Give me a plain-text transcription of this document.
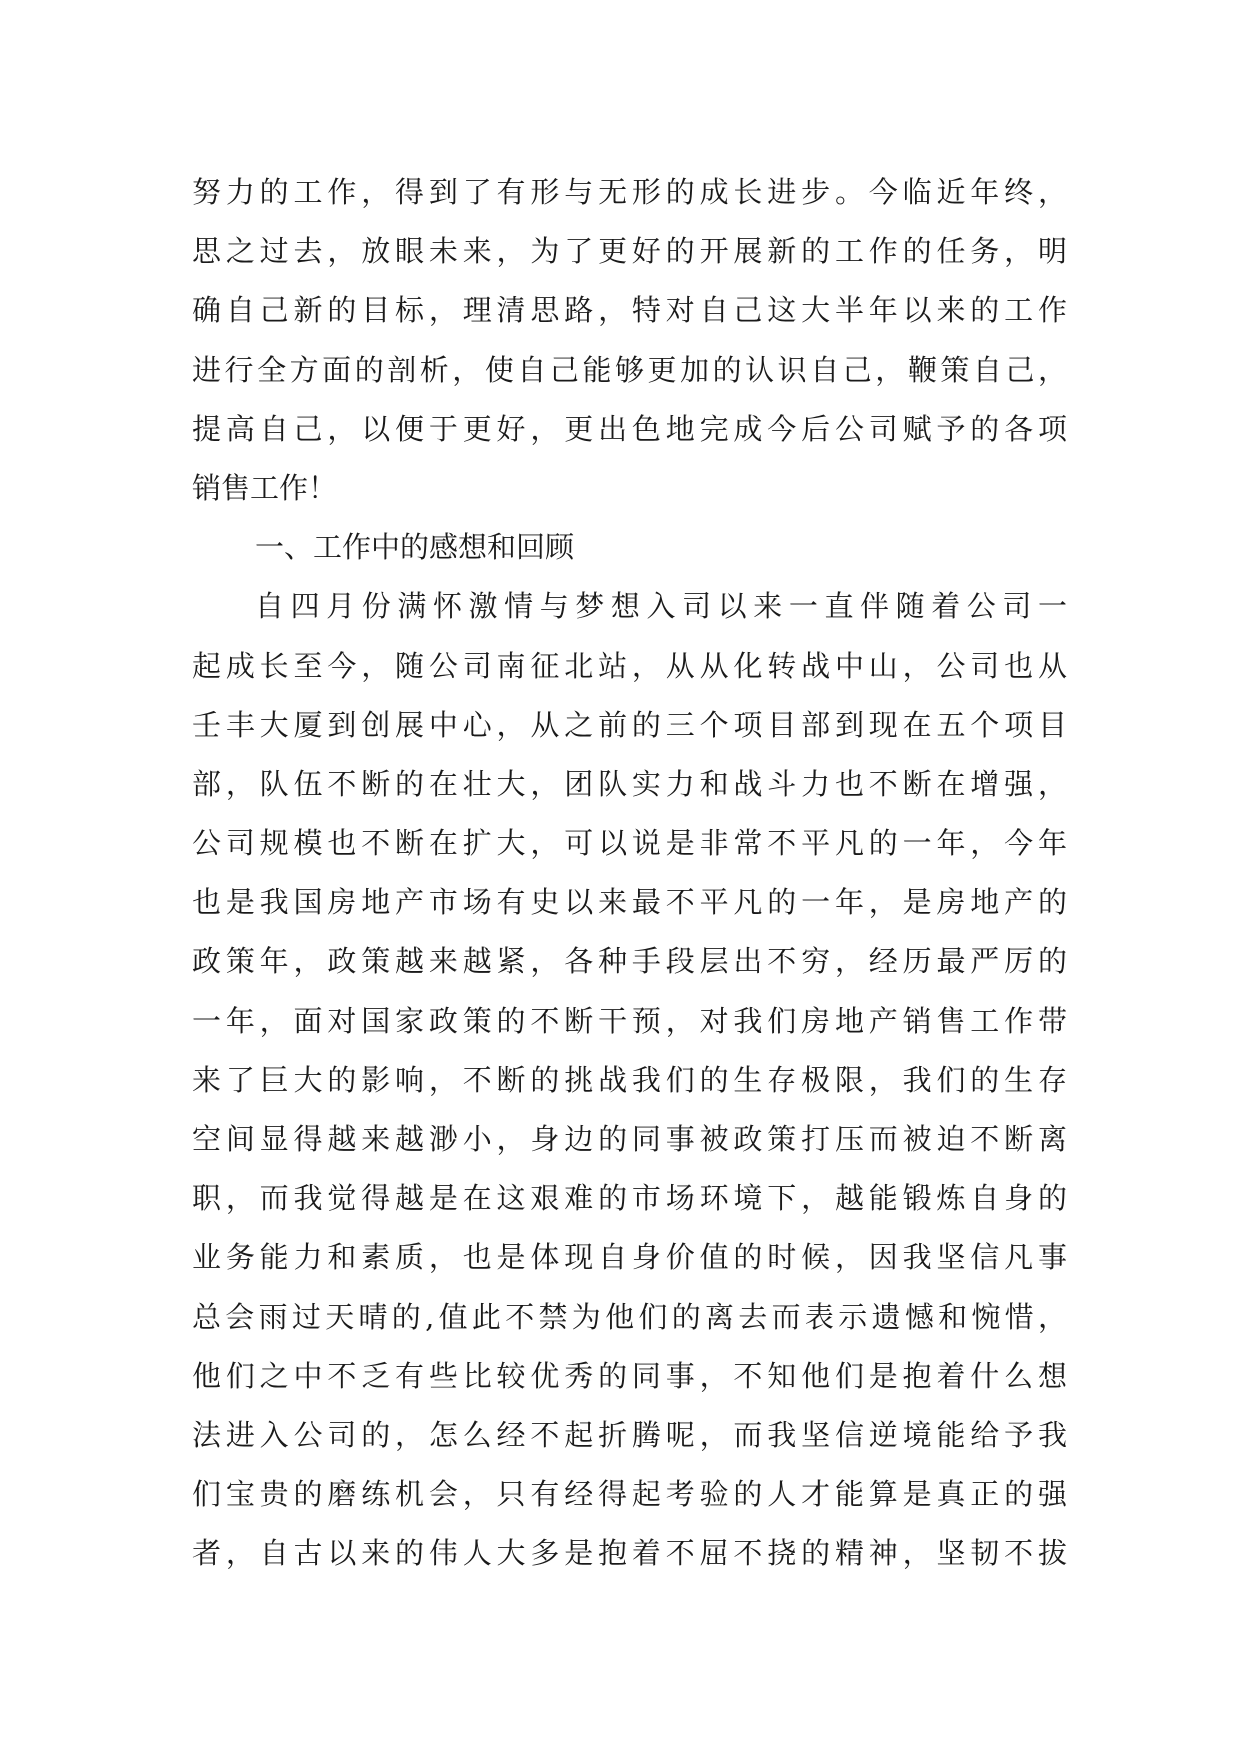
努力的工作，得到了有形与无形的成长进步。今临近年终，
思之过去，放眼未来，为了更好的开展新的工作的任务，明
确自己新的目标，理清思路，特对自己这大半年以来的工作
进行全方面的剖析，使自己能够更加的认识自己，鞭策自己，
提高自己，以便于更好，更出色地完成今后公司赋予的各项
销售工作！
一、工作中的感想和回顾
自四月份满怀激情与梦想入司以来一直伴随着公司一
起成长至今，随公司南征北站，从从化转战中山，公司也从
壬丰大厦到创展中心，从之前的三个项目部到现在五个项目
部，队伍不断的在壮大，团队实力和战斗力也不断在增强，
公司规模也不断在扩大，可以说是非常不平凡的一年，今年
也是我国房地产市场有史以来最不平凡的一年，是房地产的
政策年，政策越来越紧，各种手段层出不穷，经历最严厉的
一年，面对国家政策的不断干预，对我们房地产销售工作带
来了巨大的影响，不断的挑战我们的生存极限，我们的生存
空间显得越来越渺小，身边的同事被政策打压而被迫不断离
职，而我觉得越是在这艰难的市场环境下，越能锻炼自身的
业务能力和素质，也是体现自身价值的时候，因我坚信凡事
总会雨过天晴的,值此不禁为他们的离去而表示遗憾和惋惜，
他们之中不乏有些比较优秀的同事，不知他们是抱着什么想
法进入公司的，怎么经不起折腾呢，而我坚信逆境能给予我
们宝贵的磨练机会，只有经得起考验的人才能算是真正的强
者，自古以来的伟人大多是抱着不屈不挠的精神，坚韧不拔
